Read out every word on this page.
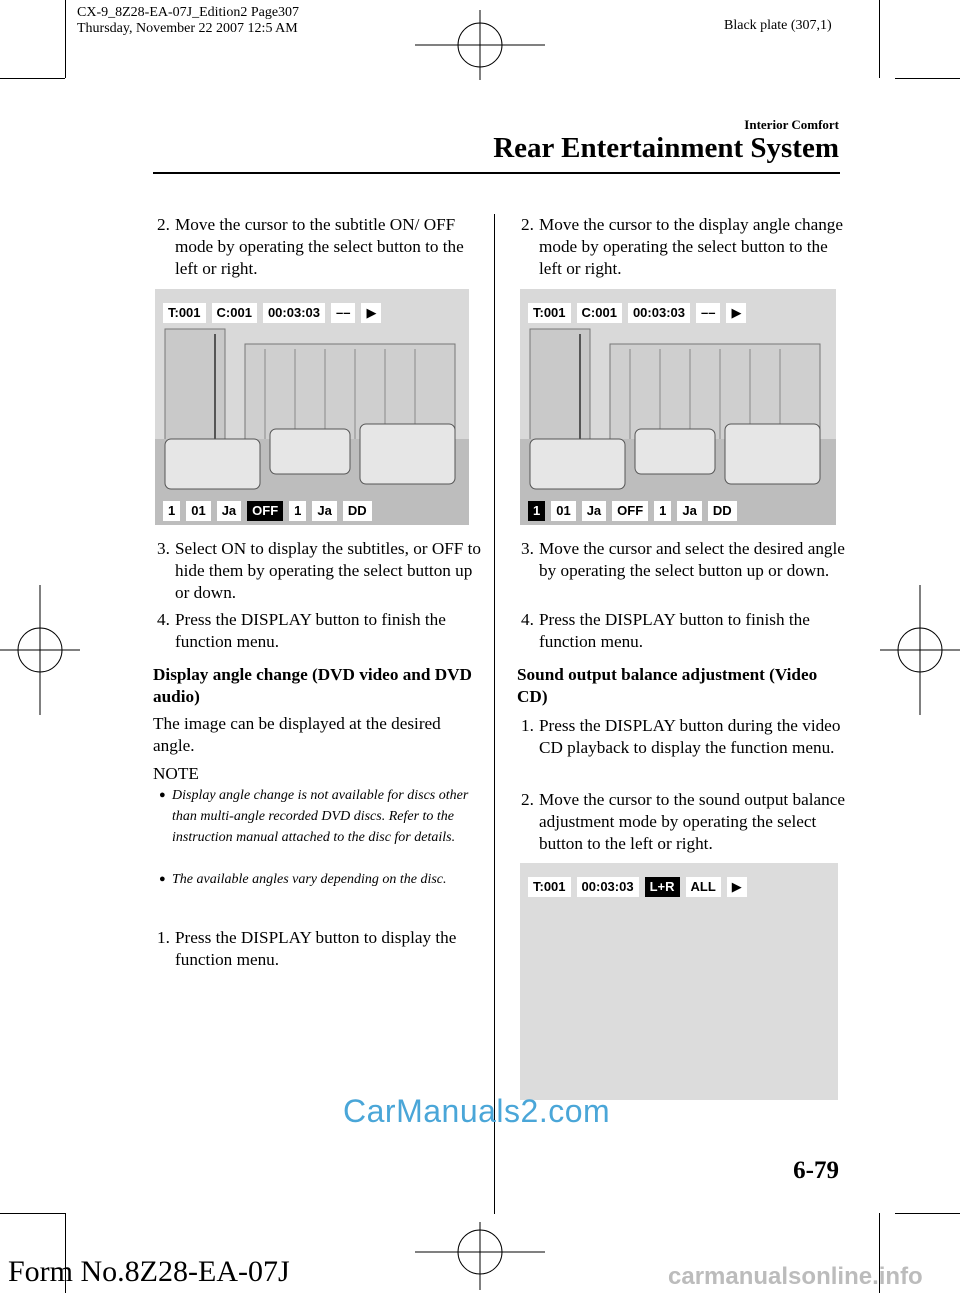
CX-9_8Z28-EA-07J_Edition2 Page307
Thursday, November 22 2007 12:5 AM	Black plate (307,1)
Interior Comfort
Rear Entertainment System
2. Move the cursor to the subtitle ON/ OFF mode by operating the select button to the left or right.
T:001	C:001	00:03:03	––	▶
1	01	Ja	OFF	1	Ja	DD
3. Select ON to display the subtitles, or OFF to hide them by operating the select button up or down.
4. Press the DISPLAY button to finish the function menu.
Display angle change (DVD video and DVD audio)
The image can be displayed at the desired angle.
NOTE
● Display angle change is not available for discs other than multi-angle recorded DVD discs. Refer to the instruction manual attached to the disc for details.
● The available angles vary depending on the disc.
1. Press the DISPLAY button to display the function menu.
2. Move the cursor to the display angle change mode by operating the select button to the left or right.
T:001	C:001	00:03:03	––	▶
1	01	Ja	OFF	1	Ja	DD
3. Move the cursor and select the desired angle by operating the select button up or down.
4. Press the DISPLAY button to finish the function menu.
Sound output balance adjustment (Video CD)
1. Press the DISPLAY button during the video CD playback to display the function menu.
2. Move the cursor to the sound output balance adjustment mode by operating the select button to the left or right.
T:001	00:03:03	L+R	ALL	▶
CarManuals2.com
6-79
Form No.8Z28-EA-07J	carmanualsonline.info
